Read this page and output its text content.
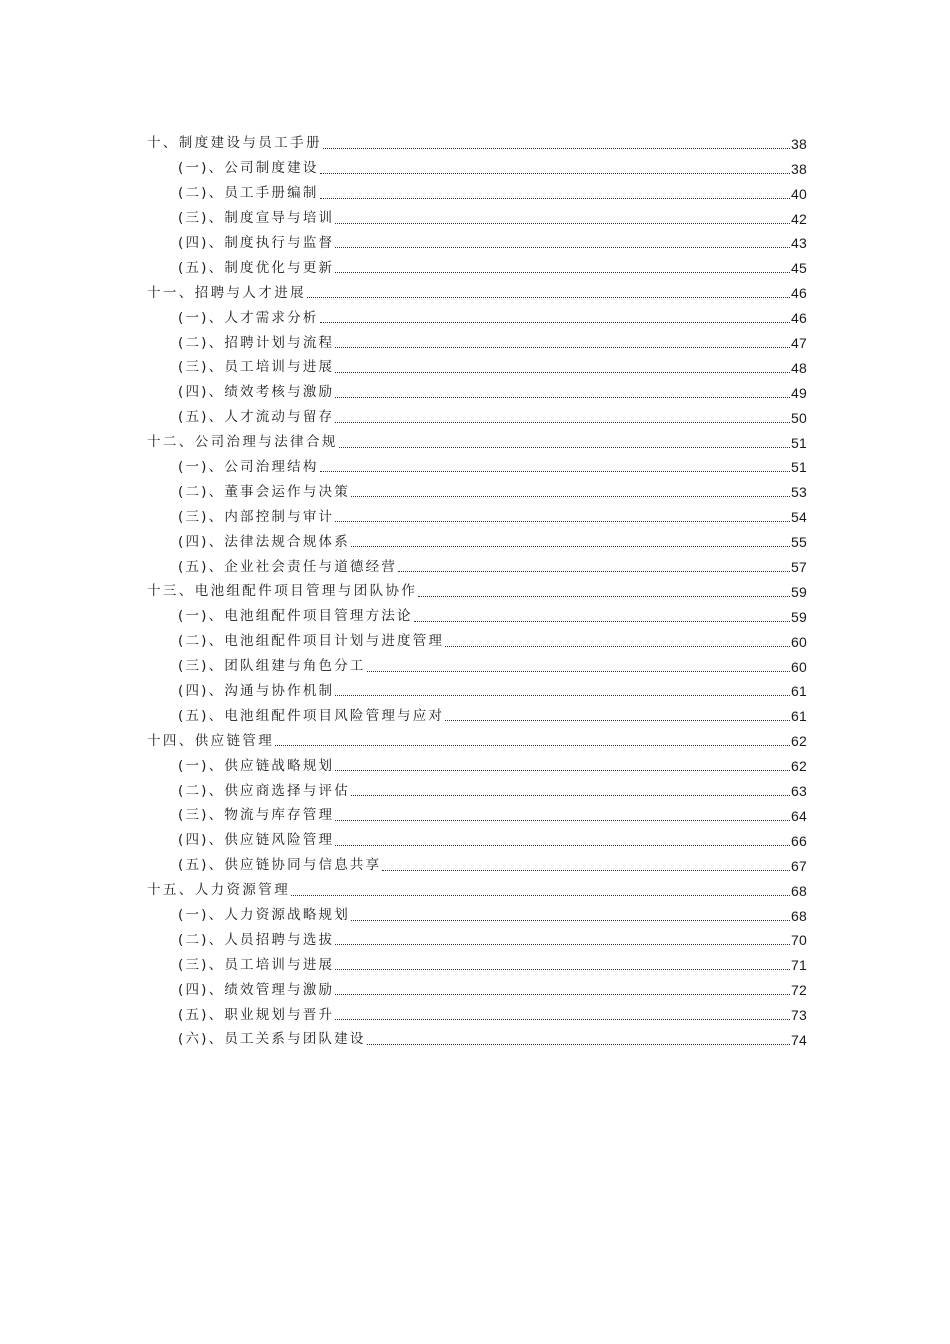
十、制度建设与员工手册	38
(一)、公司制度建设	38
(二)、员工手册编制	40
(三)、制度宣导与培训	42
(四)、制度执行与监督	43
(五)、制度优化与更新	45
十一、招聘与人才进展	46
(一)、人才需求分析	46
(二)、招聘计划与流程	47
(三)、员工培训与进展	48
(四)、绩效考核与激励	49
(五)、人才流动与留存	50
十二、公司治理与法律合规	51
(一)、公司治理结构	51
(二)、董事会运作与决策	53
(三)、内部控制与审计	54
(四)、法律法规合规体系	55
(五)、企业社会责任与道德经营	57
十三、电池组配件项目管理与团队协作	59
(一)、电池组配件项目管理方法论	59
(二)、电池组配件项目计划与进度管理	60
(三)、团队组建与角色分工	60
(四)、沟通与协作机制	61
(五)、电池组配件项目风险管理与应对	61
十四、供应链管理	62
(一)、供应链战略规划	62
(二)、供应商选择与评估	63
(三)、物流与库存管理	64
(四)、供应链风险管理	66
(五)、供应链协同与信息共享	67
十五、人力资源管理	68
(一)、人力资源战略规划	68
(二)、人员招聘与选拔	70
(三)、员工培训与进展	71
(四)、绩效管理与激励	72
(五)、职业规划与晋升	73
(六)、员工关系与团队建设	74
